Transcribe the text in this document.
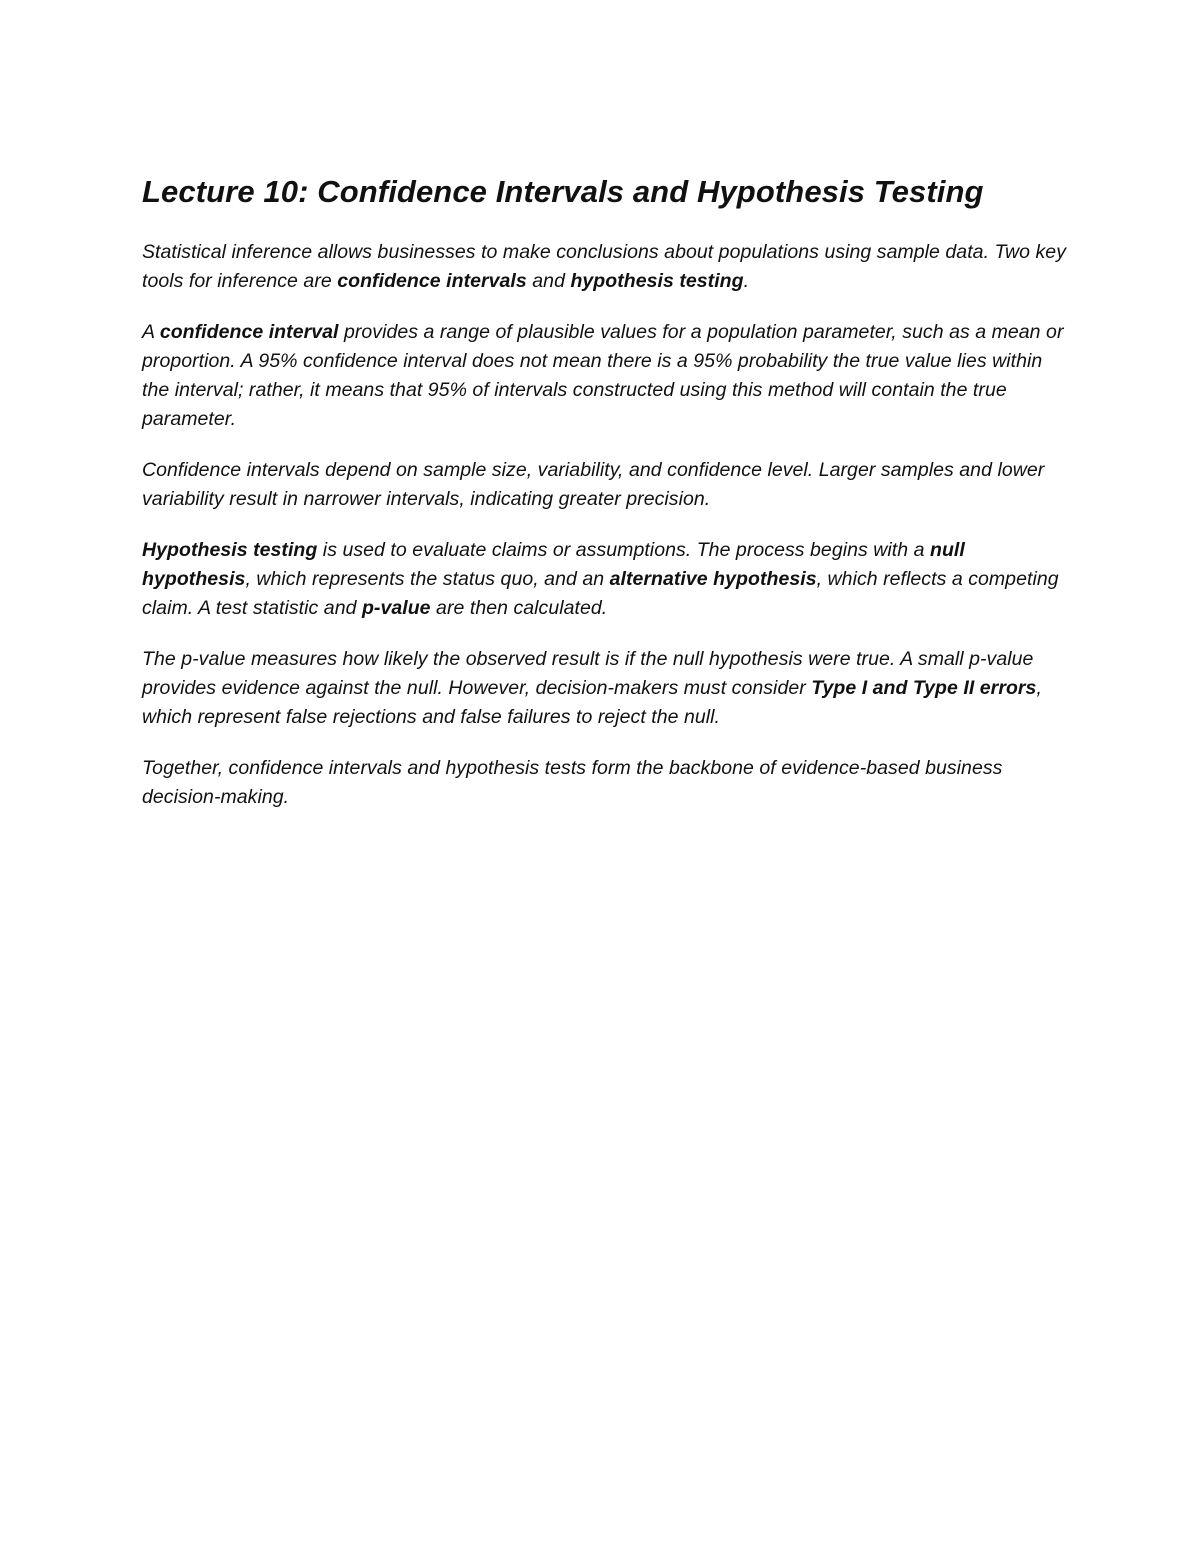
Lecture 10: Confidence Intervals and Hypothesis Testing

Statistical inference allows businesses to make conclusions about populations using sample data. Two key tools for inference are confidence intervals and hypothesis testing.

A confidence interval provides a range of plausible values for a population parameter, such as a mean or proportion. A 95% confidence interval does not mean there is a 95% probability the true value lies within the interval; rather, it means that 95% of intervals constructed using this method will contain the true parameter.

Confidence intervals depend on sample size, variability, and confidence level. Larger samples and lower variability result in narrower intervals, indicating greater precision.

Hypothesis testing is used to evaluate claims or assumptions. The process begins with a null hypothesis, which represents the status quo, and an alternative hypothesis, which reflects a competing claim. A test statistic and p-value are then calculated.

The p-value measures how likely the observed result is if the null hypothesis were true. A small p-value provides evidence against the null. However, decision-makers must consider Type I and Type II errors, which represent false rejections and false failures to reject the null.

Together, confidence intervals and hypothesis tests form the backbone of evidence-based business decision-making.
